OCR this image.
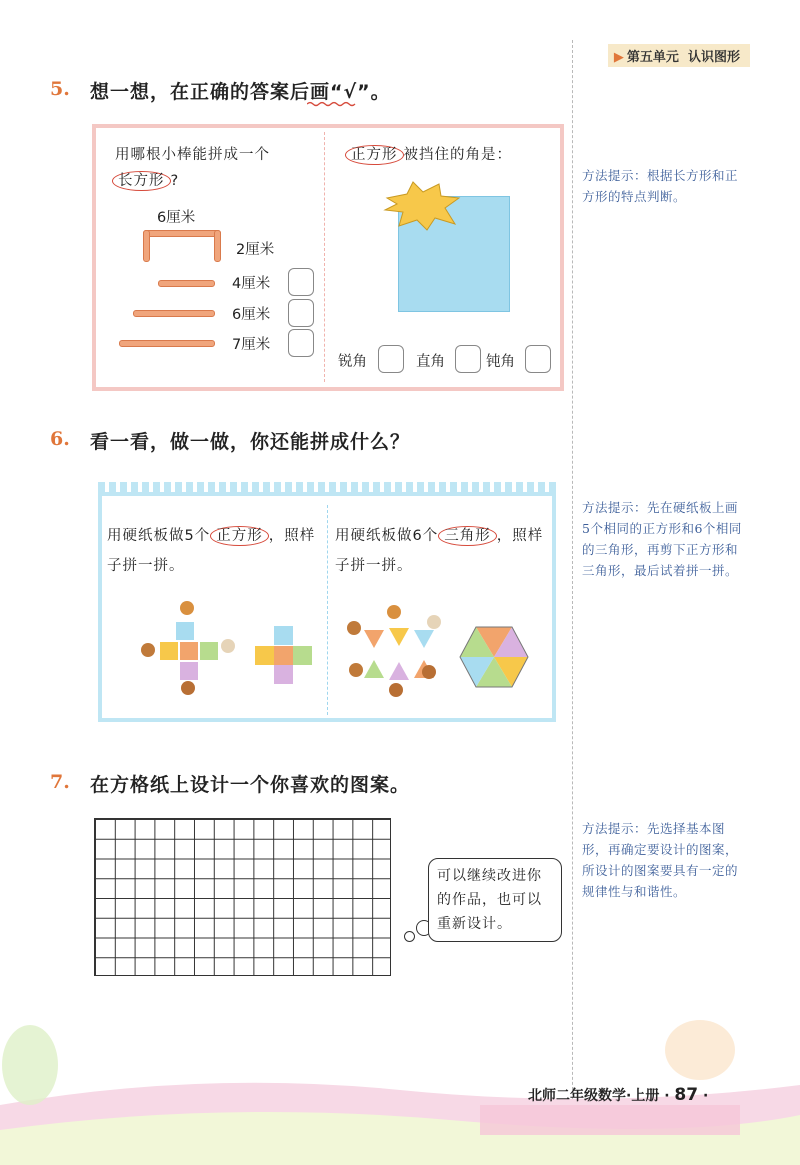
▶ 第五单元 认识图形
5. 想一想，在正确的答案后画“√”。
用哪根小棒能拼成一个
长方形 ?
6厘米
2厘米
4厘米
6厘米
7厘米
正方形 被挡住的角是：
锐角	直角	钝角
方法提示：根据长方形和正方形的特点判断。
6. 看一看，做一做，你还能拼成什么？
用硬纸板做5个 正方形 ，照样子拼一拼。
用硬纸板做6个 三角形 ，照样子拼一拼。
方法提示：先在硬纸板上画5个相同的正方形和6个相同的三角形，再剪下正方形和三角形，最后试着拼一拼。
7. 在方格纸上设计一个你喜欢的图案。
可以继续改进你的作品，也可以重新设计。
方法提示：先选择基本图形，再确定要设计的图案，所设计的图案要具有一定的规律性与和谐性。
北师二年级数学·上册 · 87 ·
